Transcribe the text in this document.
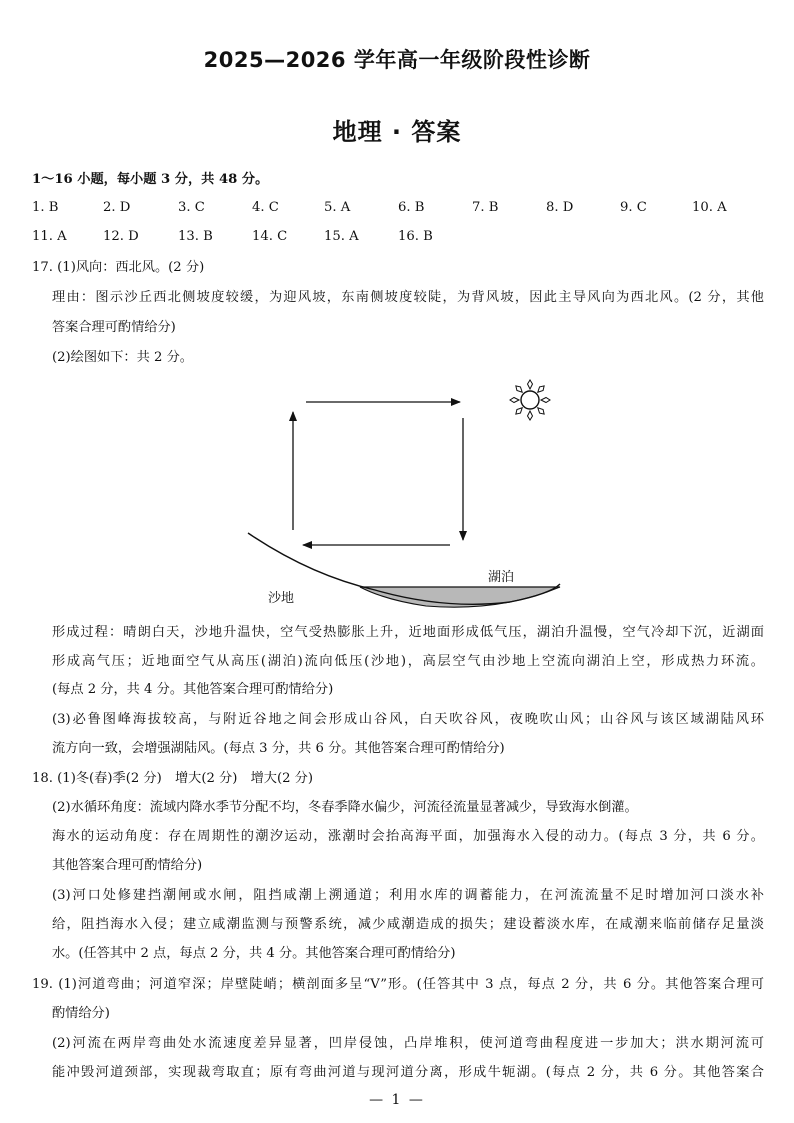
2025—2026 学年高一年级阶段性诊断
地理 · 答案
1～16 小题，每小题 3 分，共 48 分。
1. B	2. D	3. C	4. C	5. A	6. B	7. B	8. D	9. C	10. A
11. A	12. D	13. B	14. C	15. A	16. B
17. (1)风向：西北风。(2 分)
理由：图示沙丘西北侧坡度较缓，为迎风坡，东南侧坡度较陡，为背风坡，因此主导风向为西北风。(2 分，其他
答案合理可酌情给分)
(2)绘图如下：共 2 分。
湖泊
沙地
形成过程：晴朗白天，沙地升温快，空气受热膨胀上升，近地面形成低气压，湖泊升温慢，空气冷却下沉，近湖面
形成高气压；近地面空气从高压(湖泊)流向低压(沙地)，高层空气由沙地上空流向湖泊上空，形成热力环流。
(每点 2 分，共 4 分。其他答案合理可酌情给分)
(3)必鲁图峰海拔较高，与附近谷地之间会形成山谷风，白天吹谷风，夜晚吹山风；山谷风与该区域湖陆风环
流方向一致，会增强湖陆风。(每点 3 分，共 6 分。其他答案合理可酌情给分)
18. (1)冬(春)季(2 分)　增大(2 分)　增大(2 分)
(2)水循环角度：流域内降水季节分配不均，冬春季降水偏少，河流径流量显著减少，导致海水倒灌。
海水的运动角度：存在周期性的潮汐运动，涨潮时会抬高海平面，加强海水入侵的动力。(每点 3 分，共 6 分。
其他答案合理可酌情给分)
(3)河口处修建挡潮闸或水闸，阻挡咸潮上溯通道；利用水库的调蓄能力，在河流流量不足时增加河口淡水补
给，阻挡海水入侵；建立咸潮监测与预警系统，减少咸潮造成的损失；建设蓄淡水库，在咸潮来临前储存足量淡
水。(任答其中 2 点，每点 2 分，共 4 分。其他答案合理可酌情给分)
19. (1)河道弯曲；河道窄深；岸壁陡峭；横剖面多呈“V”形。(任答其中 3 点，每点 2 分，共 6 分。其他答案合理可
酌情给分)
(2)河流在两岸弯曲处水流速度差异显著，凹岸侵蚀，凸岸堆积，使河道弯曲程度进一步加大；洪水期河流可
能冲毁河道颈部，实现裁弯取直；原有弯曲河道与现河道分离，形成牛轭湖。(每点 2 分，共 6 分。其他答案合
— 1 —
